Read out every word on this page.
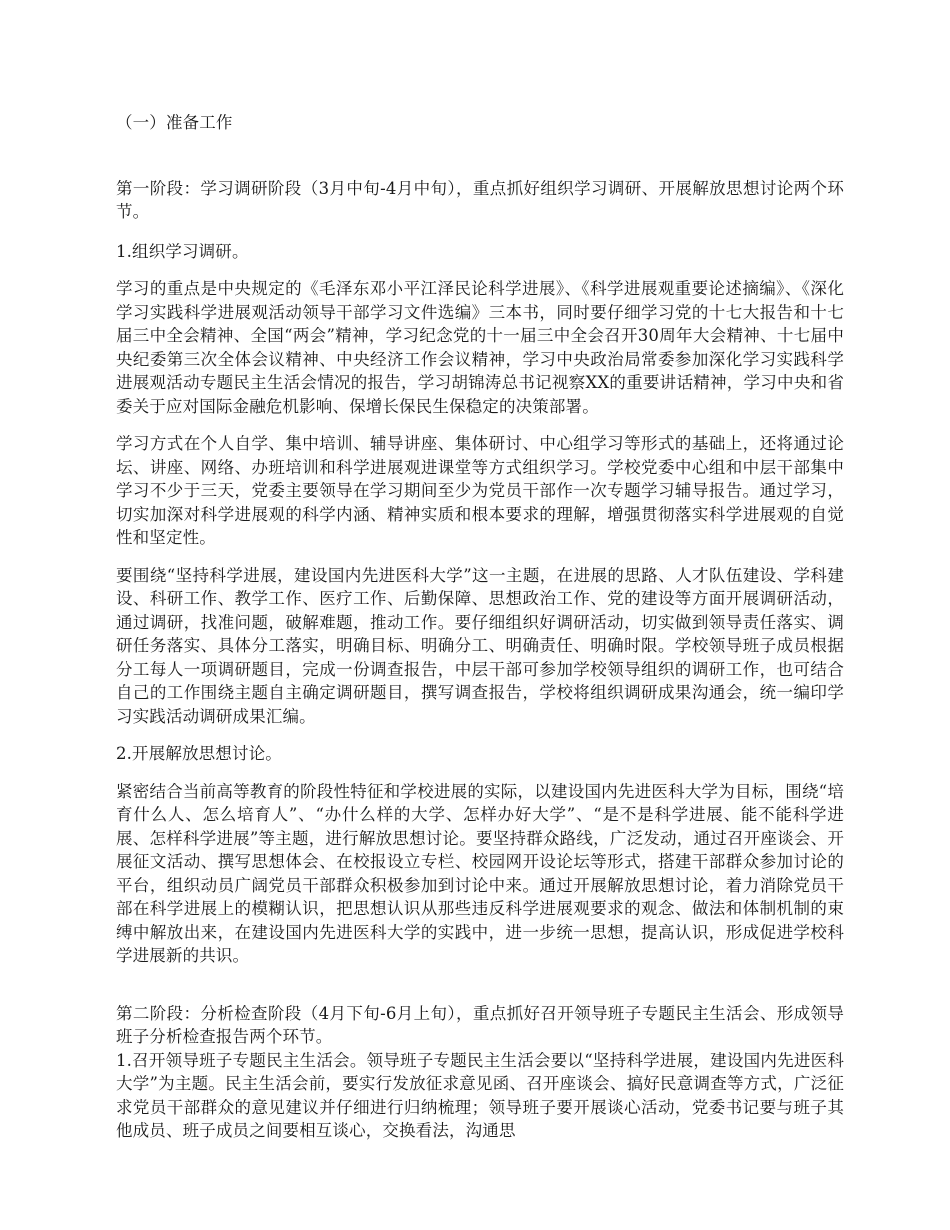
（一）准备工作

第一阶段：学习调研阶段（3月中旬-4月中旬），重点抓好组织学习调研、开展解放思想讨论两个环节。

1.组织学习调研。

学习的重点是中央规定的《毛泽东邓小平江泽民论科学进展》、《科学进展观重要论述摘编》、《深化学习实践科学进展观活动领导干部学习文件选编》三本书，同时要仔细学习党的十七大报告和十七届三中全会精神、全国“两会”精神，学习纪念党的十一届三中全会召开30周年大会精神、十七届中央纪委第三次全体会议精神、中央经济工作会议精神，学习中央政治局常委参加深化学习实践科学进展观活动专题民主生活会情况的报告，学习胡锦涛总书记视察XX的重要讲话精神，学习中央和省委关于应对国际金融危机影响、保增长保民生保稳定的决策部署。

学习方式在个人自学、集中培训、辅导讲座、集体研讨、中心组学习等形式的基础上，还将通过论坛、讲座、网络、办班培训和科学进展观进课堂等方式组织学习。学校党委中心组和中层干部集中学习不少于三天，党委主要领导在学习期间至少为党员干部作一次专题学习辅导报告。通过学习，切实加深对科学进展观的科学内涵、精神实质和根本要求的理解，增强贯彻落实科学进展观的自觉性和坚定性。

要围绕“坚持科学进展，建设国内先进医科大学”这一主题，在进展的思路、人才队伍建设、学科建设、科研工作、教学工作、医疗工作、后勤保障、思想政治工作、党的建设等方面开展调研活动，通过调研，找准问题，破解难题，推动工作。要仔细组织好调研活动，切实做到领导责任落实、调研任务落实、具体分工落实，明确目标、明确分工、明确责任、明确时限。学校领导班子成员根据分工每人一项调研题目，完成一份调查报告，中层干部可参加学校领导组织的调研工作，也可结合自己的工作围绕主题自主确定调研题目，撰写调查报告，学校将组织调研成果沟通会，统一编印学习实践活动调研成果汇编。

2.开展解放思想讨论。

紧密结合当前高等教育的阶段性特征和学校进展的实际，以建设国内先进医科大学为目标，围绕“培育什么人、怎么培育人”、“办什么样的大学、怎样办好大学”、“是不是科学进展、能不能科学进展、怎样科学进展”等主题，进行解放思想讨论。要坚持群众路线，广泛发动，通过召开座谈会、开展征文活动、撰写思想体会、在校报设立专栏、校园网开设论坛等形式，搭建干部群众参加讨论的平台，组织动员广阔党员干部群众积极参加到讨论中来。通过开展解放思想讨论，着力消除党员干部在科学进展上的模糊认识，把思想认识从那些违反科学进展观要求的观念、做法和体制机制的束缚中解放出来，在建设国内先进医科大学的实践中，进一步统一思想，提高认识，形成促进学校科学进展新的共识。

第二阶段：分析检查阶段（4月下旬-6月上旬），重点抓好召开领导班子专题民主生活会、形成领导班子分析检查报告两个环节。

1.召开领导班子专题民主生活会。领导班子专题民主生活会要以“坚持科学进展，建设国内先进医科大学”为主题。民主生活会前，要实行发放征求意见函、召开座谈会、搞好民意调查等方式，广泛征求党员干部群众的意见建议并仔细进行归纳梳理；领导班子要开展谈心活动，党委书记要与班子其他成员、班子成员之间要相互谈心，交换看法，沟通思
